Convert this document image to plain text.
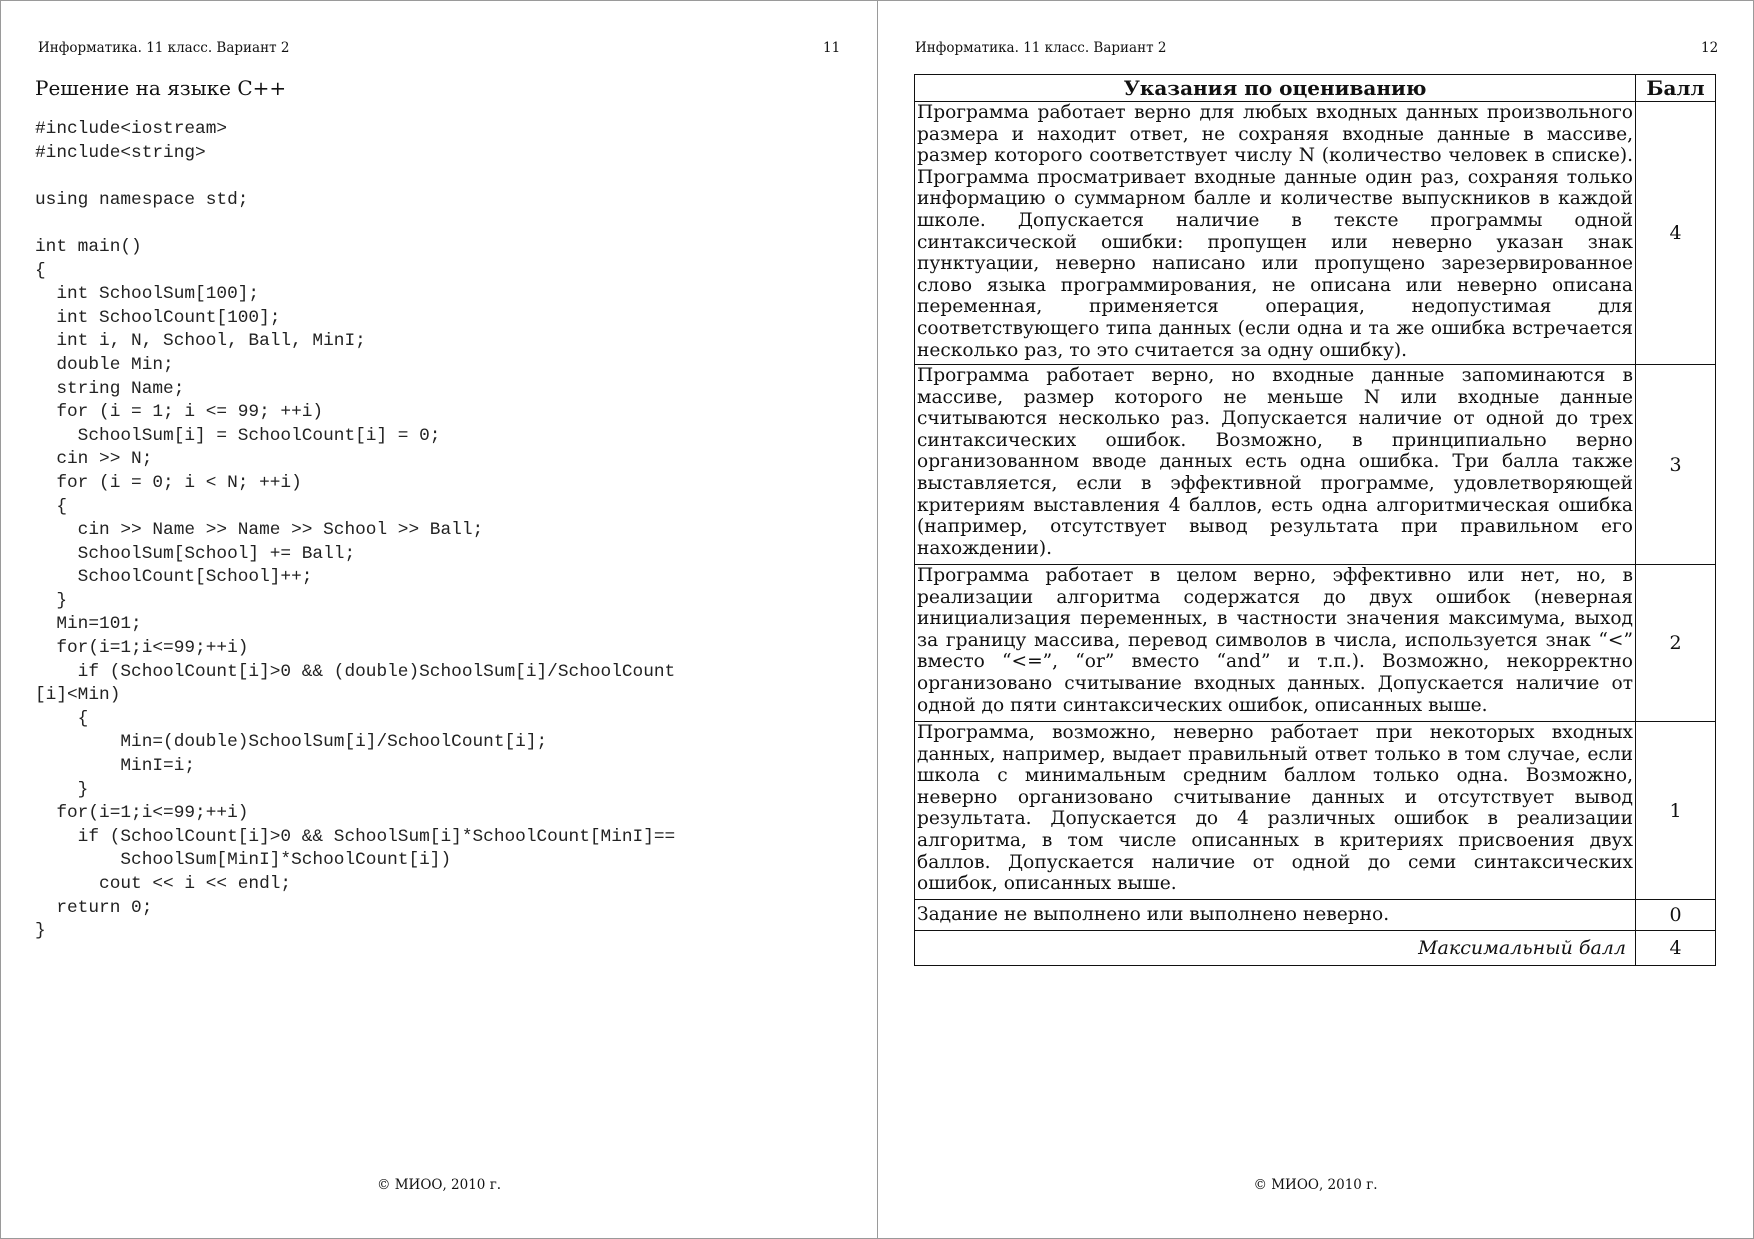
Информатика. 11 класс. Вариант 2	11
Решение на языке С++
#include<iostream>
#include<string>

using namespace std;

int main()
{
int SchoolSum[100];
int SchoolCount[100];
int i, N, School, Ball, MinI;
double Min;
string Name;
for (i = 1; i <= 99; ++i)
SchoolSum[i] = SchoolCount[i] = 0;
cin >> N;
for (i = 0; i < N; ++i)
{
cin >> Name >> Name >> School >> Ball;
SchoolSum[School] += Ball;
SchoolCount[School]++;
}
Min=101;
for(i=1;i<=99;++i)
if (SchoolCount[i]>0 && (double)SchoolSum[i]/SchoolCount
[i]<Min)
{
Min=(double)SchoolSum[i]/SchoolCount[i];
MinI=i;
}
for(i=1;i<=99;++i)
if (SchoolCount[i]>0 && SchoolSum[i]*SchoolCount[MinI]==
SchoolSum[MinI]*SchoolCount[i])
cout << i << endl;
return 0;
}
© МИОО, 2010 г.
Информатика. 11 класс. Вариант 2	12
Указания по оцениванию	Балл
Программа работает верно для любых входных данных произвольного размера и находит ответ, не сохраняя входные данные в массиве, размер которого соответствует числу N (количество человек в списке). Программа просматривает входные данные один раз, сохраняя только информацию о суммарном балле и количестве выпускников в каждой школе. Допускается наличие в тексте программы одной синтаксической ошибки: пропущен или неверно указан знак пунктуации, неверно написано или пропущено зарезервированное слово языка программирования, не описана или неверно описана переменная, применяется операция, недопустимая для соответствующего типа данных (если одна и та же ошибка встречается несколько раз, то это считается за одну ошибку).	4
Программа работает верно, но входные данные запоминаются в массиве, размер которого не меньше N или входные данные считываются несколько раз. Допускается наличие от одной до трех синтаксических ошибок. Возможно, в принципиально верно организованном вводе данных есть одна ошибка. Три балла также выставляется, если в эффективной программе, удовлетворяющей критериям выставления 4 баллов, есть одна алгоритмическая ошибка (например, отсутствует вывод результата при правильном его нахождении).	3
Программа работает в целом верно, эффективно или нет, но, в реализации алгоритма содержатся до двух ошибок (неверная инициализация переменных, в частности значения максимума, выход за границу массива, перевод символов в числа, используется знак “<” вместо “<=”, “or” вместо “and” и т.п.). Возможно, некорректно организовано считывание входных данных. Допускается наличие от одной до пяти синтаксических ошибок, описанных выше.	2
Программа, возможно, неверно работает при некоторых входных данных, например, выдает правильный ответ только в том случае, если школа с минимальным средним баллом только одна. Возможно, неверно организовано считывание данных и отсутствует вывод результата. Допускается до 4 различных ошибок в реализации алгоритма, в том числе описанных в критериях присвоения двух баллов. Допускается наличие от одной до семи синтаксических ошибок, описанных выше.	1
Задание не выполнено или выполнено неверно.	0
Максимальный балл	4
© МИОО, 2010 г.
